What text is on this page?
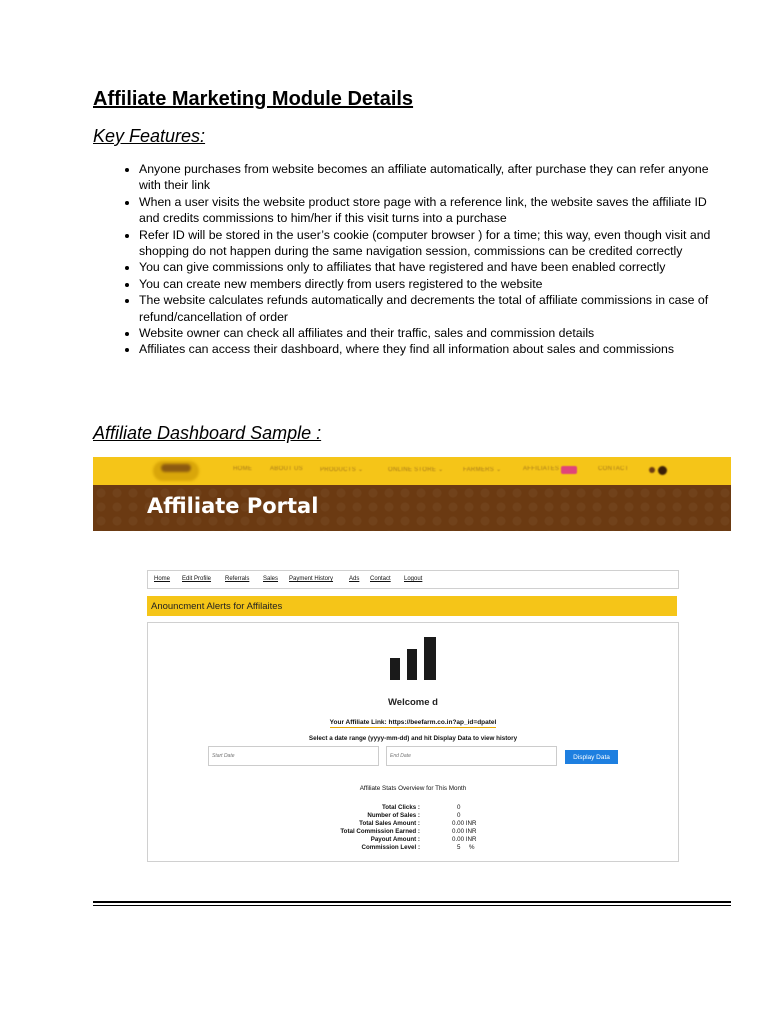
Affiliate Marketing Module Details
Key Features:
• Anyone purchases from website becomes an affiliate automatically, after purchase they can refer anyone with their link
• When a user visits the website product store page with a reference link, the website saves the affiliate ID and credits commissions to him/her if this visit turns into a purchase
• Refer ID will be stored in the user’s cookie (computer browser ) for a time; this way, even though visit and shopping do not happen during the same navigation session, commissions can be credited correctly
• You can give commissions only to affiliates that have registered and have been enabled correctly
• You can create new members directly from users registered to the website
• The website calculates refunds automatically and decrements the total of affiliate commissions in case of refund/cancellation of order
• Website owner can check all affiliates and their traffic, sales and commission details
• Affiliates can access their dashboard, where they find all information about sales and commissions
Affiliate Dashboard Sample :
HOME	ABOUT US	PRODUCTS ⌄	ONLINE STORE ⌄	FARMERS ⌄	AFFILIATES	CONTACT
Affiliate Portal
Home Edit Profile Referrals Sales Payment History	Ads Contact Logout
Anouncment Alerts for Affilaites
Welcome d
Your Affiliate Link: https://beefarm.co.in?ap_id=dpatel
Select a date range (yyyy-mm-dd) and hit Display Data to view history
Start Date
End Date
Display Data
Affiliate Stats Overview for This Month
Total Clicks :	0
Number of Sales :	0
Total Sales Amount :	0.00 INR
Total Commission Earned :	0.00 INR
Payout Amount :	0.00 INR
Commission Level :	5     %
